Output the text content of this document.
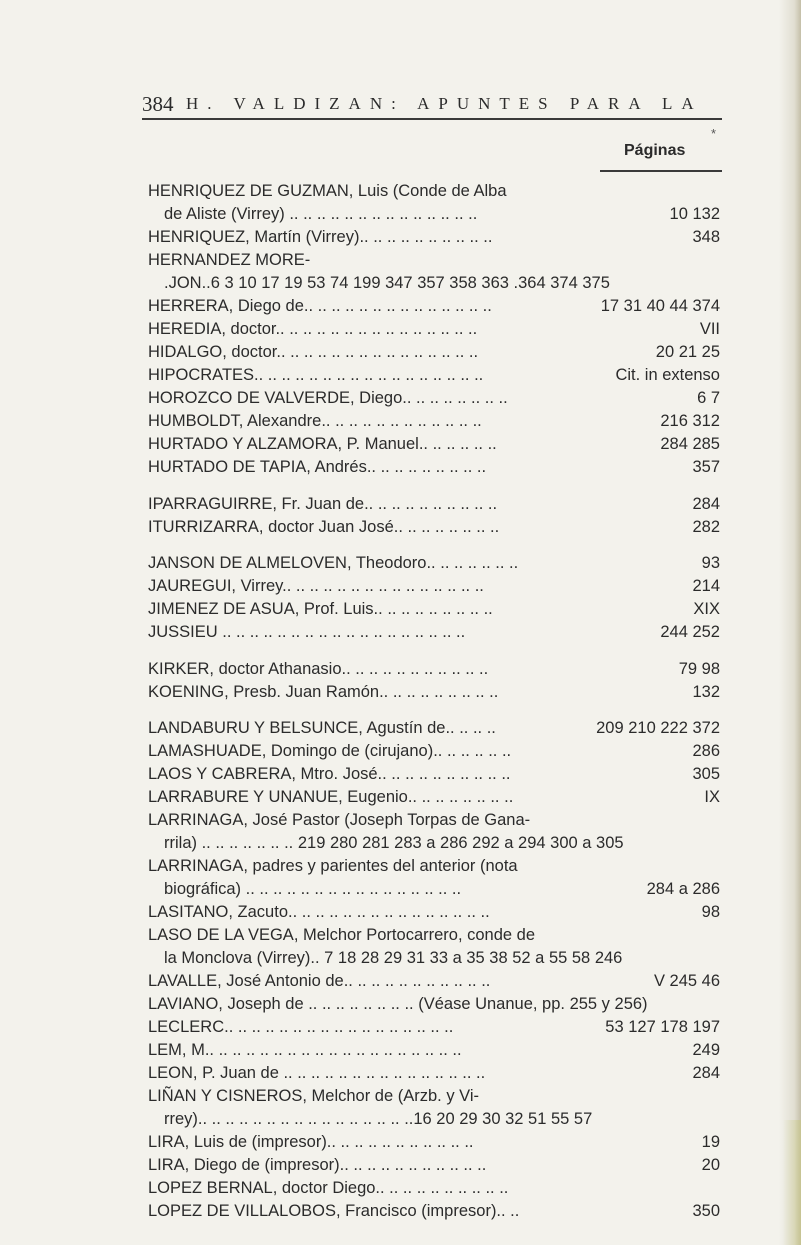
384 H. VALDIZAN: APUNTES PARA LA
*
Páginas
HENRIQUEZ DE GUZMAN, Luis (Conde de Alba
de Aliste (Virrey) .. .. .. .. .. .. .. .. .. .. .. .. .. ..	10 132
HENRIQUEZ, Martín (Virrey).. .. .. .. .. .. .. .. .. ..	348
HERNANDEZ MORE-
.JON..6 3 10 17 19 53 74 199 347 357 358 363 .364 374 375
HERRERA, Diego de.. .. .. .. .. .. .. .. .. .. .. .. .. ..	17 31 40 44 374
HEREDIA, doctor.. .. .. .. .. .. .. .. .. .. .. .. .. .. ..	VII
HIDALGO, doctor.. .. .. .. .. .. .. .. .. .. .. .. .. .. ..	20 21 25
HIPOCRATES.. .. .. .. .. .. .. .. .. .. .. .. .. .. .. .. ..	Cit. in extenso
HOROZCO DE VALVERDE, Diego.. .. .. .. .. .. .. ..	6 7
HUMBOLDT, Alexandre.. .. .. .. .. .. .. .. .. .. .. ..	216 312
HURTADO Y ALZAMORA, P. Manuel.. .. .. .. .. ..	284 285
HURTADO DE TAPIA, Andrés.. .. .. .. .. .. .. .. ..	357
IPARRAGUIRRE, Fr. Juan de.. .. .. .. .. .. .. .. .. ..	284
ITURRIZARRA, doctor Juan José.. .. .. .. .. .. .. ..	282
JANSON DE ALMELOVEN, Theodoro.. .. .. .. .. .. ..	93
JAUREGUI, Virrey.. .. .. .. .. .. .. .. .. .. .. .. .. .. ..	214
JIMENEZ DE ASUA, Prof. Luis.. .. .. .. .. .. .. .. ..	XIX
JUSSIEU .. .. .. .. .. .. .. .. .. .. .. .. .. .. .. .. .. ..	244 252
KIRKER, doctor Athanasio.. .. .. .. .. .. .. .. .. .. ..	79 98
KOENING, Presb. Juan Ramón.. .. .. .. .. .. .. .. ..	132
LANDABURU Y BELSUNCE, Agustín de.. .. .. ..	209 210 222 372
LAMASHUADE, Domingo de (cirujano).. .. .. .. .. ..	286
LAOS Y CABRERA, Mtro. José.. .. .. .. .. .. .. .. .. ..	305
LARRABURE Y UNANUE, Eugenio.. .. .. .. .. .. .. ..	IX
LARRINAGA, José Pastor (Joseph Torpas de Gana-
rrila) .. .. .. .. .. .. .. 219 280 281 283 a 286 292 a 294 300 a 305
LARRINAGA, padres y parientes del anterior (nota
biográfica) .. .. .. .. .. .. .. .. .. .. .. .. .. .. .. ..	284 a 286
LASITANO, Zacuto.. .. .. .. .. .. .. .. .. .. .. .. .. .. ..	98
LASO DE LA VEGA, Melchor Portocarrero, conde de
la Monclova (Virrey).. 7 18 28 29 31 33 a 35 38 52 a 55 58 246
LAVALLE, José Antonio de.. .. .. .. .. .. .. .. .. .. ..	V 245 46
LAVIANO, Joseph de .. .. .. .. .. .. .. .. (Véase Unanue, pp. 255 y 256)
LECLERC.. .. .. .. .. .. .. .. .. .. .. .. .. .. .. .. ..	53 127 178 197
LEM, M.. .. .. .. .. .. .. .. .. .. .. .. .. .. .. .. .. .. ..	249
LEON, P. Juan de .. .. .. .. .. .. .. .. .. .. .. .. .. .. ..	284
LIÑAN Y CISNEROS, Melchor de (Arzb. y Vi-
rrey).. .. .. .. .. .. .. .. .. .. .. .. .. .. .. ..16 20 29 30 32 51 55 57
LIRA, Luis de (impresor).. .. .. .. .. .. .. .. .. .. ..	19
LIRA, Diego de (impresor).. .. .. .. .. .. .. .. .. .. ..	20
LOPEZ BERNAL, doctor Diego.. .. .. .. .. .. .. .. .. ..
LOPEZ DE VILLALOBOS, Francisco (impresor).. ..	350
